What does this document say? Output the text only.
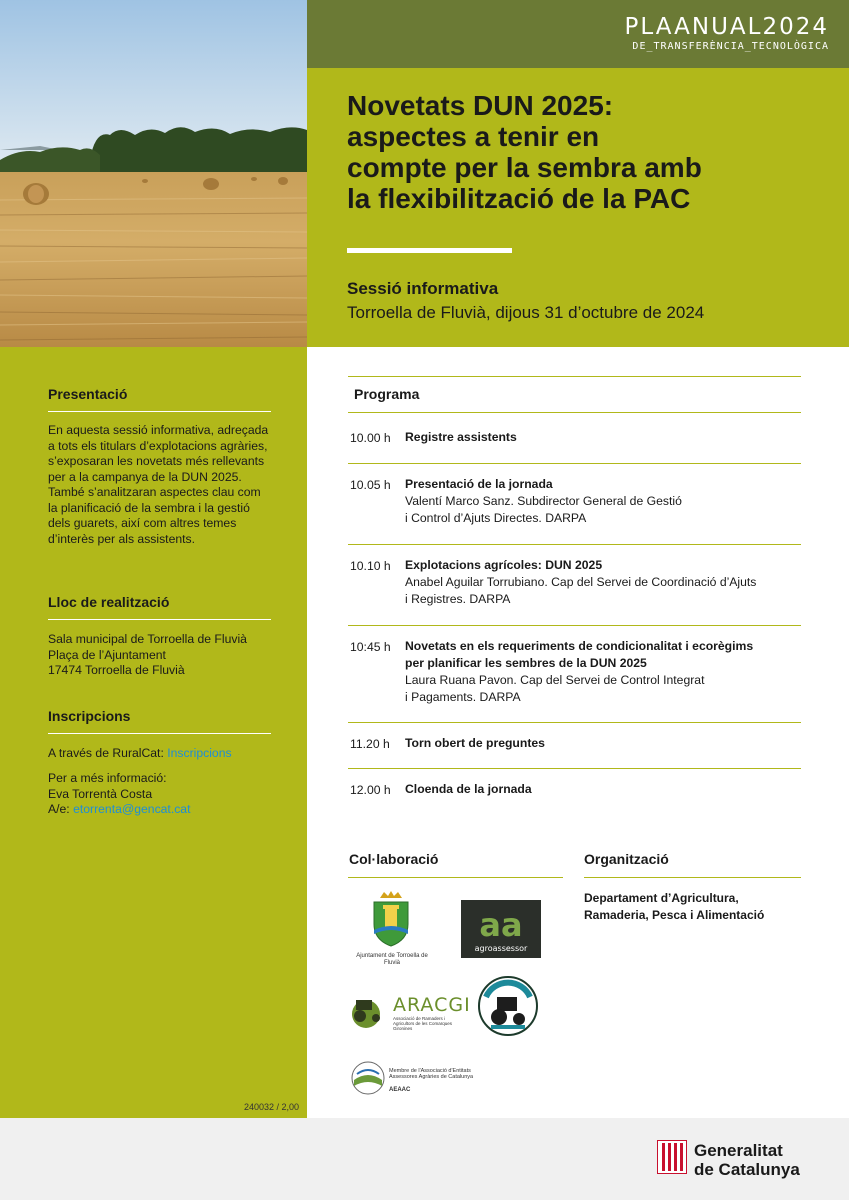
PLAANUAL2024
DE_TRANSFERÈNCIA_TECNOLÒGICA
Novetats DUN 2025:
aspectes a tenir en
compte per la sembra amb
la flexibilització de la PAC
Sessió informativa
Torroella de Fluvià, dijous 31 d’octubre de 2024
Presentació
En aquesta sessió informativa, adreçada a tots els titulars d’explotacions agràries, s’exposaran les novetats més rellevants per a la campanya de la DUN 2025. També s’analitzaran aspectes clau com la planificació de la sembra i la gestió dels guarets, així com altres temes d’interès per als assistents.
Lloc de realització
Sala municipal de Torroella de Fluvià
Plaça de l’Ajuntament
17474 Torroella de Fluvià
Inscripcions
A través de RuralCat: Inscripcions
Per a més informació:
Eva Torrentà Costa
A/e: etorrenta@gencat.cat
240032 / 2,00
Programa
10.00 h Registre assistents
10.05 h Presentació de la jornada
Valentí Marco Sanz. Subdirector General de Gestió
i Control d’Ajuts Directes. DARPA
10.10 h Explotacions agrícoles: DUN 2025
Anabel Aguilar Torrubiano. Cap del Servei de Coordinació d’Ajuts
i Registres. DARPA
10:45 h Novetats en els requeriments de condicionalitat i ecorègims
per planificar les sembres de la DUN 2025
Laura Ruana Pavon. Cap del Servei de Control Integrat
i Pagaments. DARPA
11.20 h Torn obert de preguntes
12.00 h Cloenda de la jornada
Col·laboració	Organització
Departament d’Agricultura,
Ramaderia, Pesca i Alimentació
Ajuntament de Torroella de Fluvià
aa
agroassessor
ARACGI
Associació de Ramaders i Agricultors de les Comarques Gironines
Membre de l'Associació d'Entitats Assessores Agràries de Catalunya
AEAAC
Generalitat
de Catalunya
